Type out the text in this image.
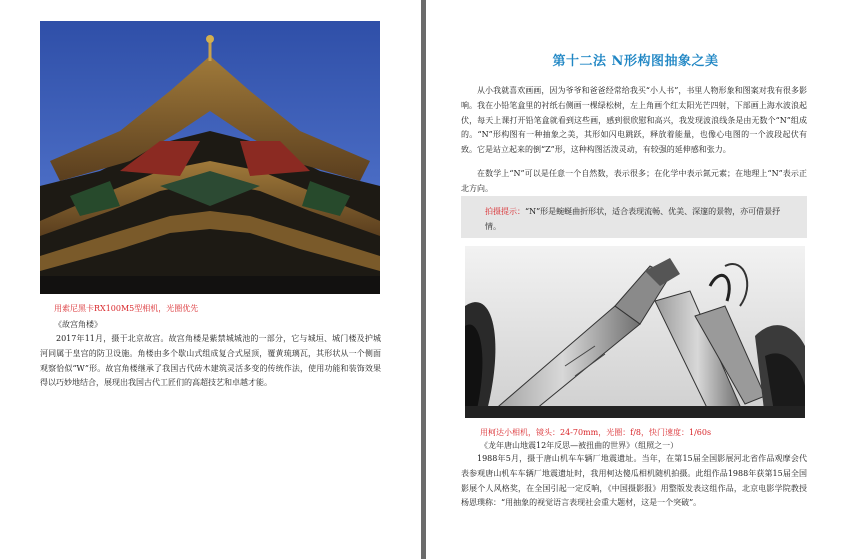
用索尼黑卡RX100M5型相机，光圈优先
《故宫角楼》

2017年11月，摄于北京故宫。故宫角楼是紫禁城城池的一部分，它与城垣、城门楼及护城河同属于皇宫的防卫设施。角楼由多个歇山式组成复合式屋顶，覆黄琉璃瓦，其形状从一个侧面观察恰似“W”形。故宫角楼继承了我国古代砖木建筑灵活多变的传统作法，使用功能和装饰效果得以巧妙地结合，展现出我国古代工匠们的高超技艺和卓越才能。

第十二法 N形构图抽象之美

从小我就喜欢画画，因为爷爷和爸爸经常给我买“小人书”，书里人物形象和图案对我有很多影响。我在小铅笔盒里的衬纸右侧画一棵绿松树，左上角画个红太阳光芒四射，下部画上海水波浪起伏，每天上课打开铅笔盒就看到这些画，感到很欣慰和高兴，我发现波浪线条是由无数个“N”组成的。“N”形构图有一种抽象之美，其形如闪电跳跃，释放着能量，也像心电图的一个波段起伏有致。它是站立起来的倒“Z”形，这种构图活泼灵动，有较强的延伸感和张力。

在数学上“N”可以是任意一个自然数，表示很多；在化学中表示氮元素；在地理上“N”表示正北方向。

拍摄提示：“N”形是蜿蜒曲折形状，适合表现流畅、优美、深邃的景物，亦可借景抒情。

用柯达小相机，镜头：24-70mm，光圈：f/8，快门速度：1/60s
《龙年唐山地震12年反思—被扭曲的世界》（组照之一）

1988年5月，摄于唐山机车车辆厂地震遗址。当年，在第15届全国影展河北省作品观摩会代表参观唐山机车车辆厂地震遗址时，我用柯达傻瓜相机随机拍摄。此组作品1988年获第15届全国影展个人风格奖，在全国引起一定反响，《中国摄影报》用整版发表这组作品，北京电影学院教授杨恩璞称：“用抽象的视觉语言表现社会重大题材，这是一个突破”。
